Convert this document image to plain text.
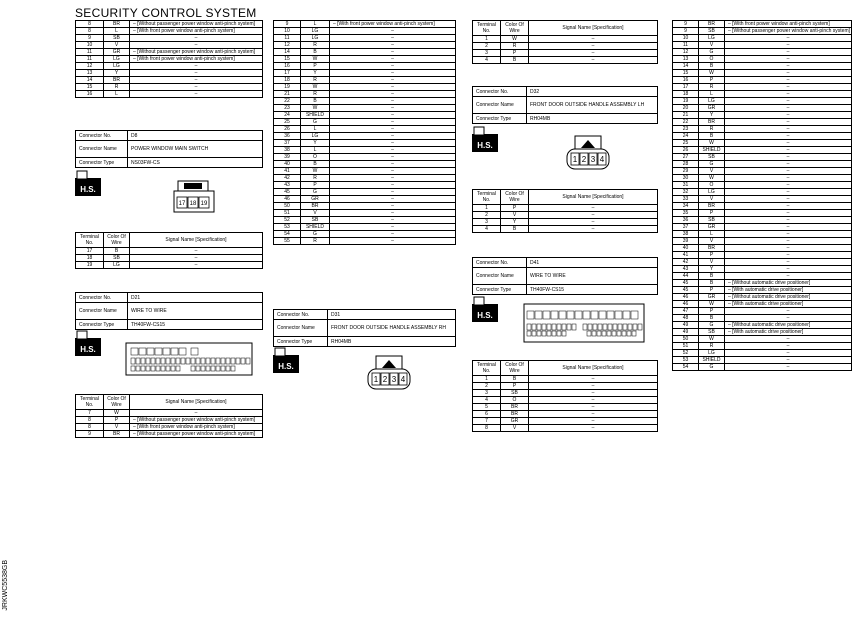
SECURITY CONTROL SYSTEM
JRKWC5538GB
8	BR	– [Without passenger power window anti-pinch system]
8	L	– [With front power window anti-pinch system]
9	SB	–
10	V	–
11	GR	– [Without passenger power window anti-pinch system]
11	LG	– [With front power window anti-pinch system]
12	LG	–
13	Y	–
14	BR	–
15	R	–
16	L	–
Connector No.	D8
Connector Name	POWER WINDOW MAIN SWITCH
Connector Type	NS03FW-CS
H.S.
17 18 19
Terminal No.	Color Of Wire	Signal Name [Specification]
17	B	–
18	SB	–
19	LG	–
Connector No.	D21
Connector Name	WIRE TO WIRE
Connector Type	TH40FW-CS15
H.S.
Terminal No.	Color Of Wire	Signal Name [Specification]
7	W	–
8	P	– [Without passenger power window anti-pinch system]
8	V	– [With front power window anti-pinch system]
9	BR	– [Without passenger power window anti-pinch system]
9	L	– [With front power window anti-pinch system]
10	LG	–
11	LG	–
12	R	–
14	B	–
15	W	–
16	P	–
17	Y	–
18	R	–
19	W	–
21	R	–
22	B	–
23	W	–
24	SHIELD	–
25	G	–
26	L	–
36	LG	–
37	Y	–
38	L	–
39	O	–
40	B	–
41	W	–
42	R	–
43	P	–
45	G	–
46	GR	–
50	BR	–
51	V	–
52	SB	–
53	SHIELD	–
54	G	–
55	R	–
Connector No.	D31
Connector Name	FRONT DOOR OUTSIDE HANDLE ASSEMBLY RH
Connector Type	RH04MB
H.S.
1 2 3 4
Terminal No.	Color Of Wire	Signal Name [Specification]
1	W	–
2	R	–
3	P	–
4	B	–
Connector No.	D32
Connector Name	FRONT DOOR OUTSIDE HANDLE ASSEMBLY LH
Connector Type	RH04MB
H.S.
1 2 3 4
Terminal No.	Color Of Wire	Signal Name [Specification]
1	P	–
2	V	–
3	Y	–
4	B	–
Connector No.	D41
Connector Name	WIRE TO WIRE
Connector Type	TH40FW-CS15
H.S.
Terminal No.	Color Of Wire	Signal Name [Specification]
1	B	–
2	P	–
3	SB	–
4	O	–
5	BR	–
6	BR	–
7	GR	–
8	V	–
9	BR	– [With front power window anti-pinch system]
9	SB	– [Without passenger power window anti-pinch system]
10	LG	–
11	V	–
12	G	–
13	O	–
14	B	–
15	W	–
16	P	–
17	R	–
18	L	–
19	LG	–
20	GR	–
21	Y	–
22	BR	–
23	R	–
24	B	–
25	W	–
26	SHIELD	–
27	SB	–
28	G	–
29	V	–
30	W	–
31	O	–
32	LG	–
33	V	–
34	BR	–
35	P	–
36	SB	–
37	GR	–
38	L	–
39	V	–
40	BR	–
41	P	–
42	V	–
43	Y	–
44	B	–
45	B	– [Without automatic drive positioner]
45	P	– [With automatic drive positioner]
46	GR	– [Without automatic drive positioner]
46	W	– [With automatic drive positioner]
47	P	–
48	B	–
49	G	– [Without automatic drive positioner]
49	SB	– [With automatic drive positioner]
50	W	–
51	R	–
52	LG	–
53	SHIELD	–
54	G	–
